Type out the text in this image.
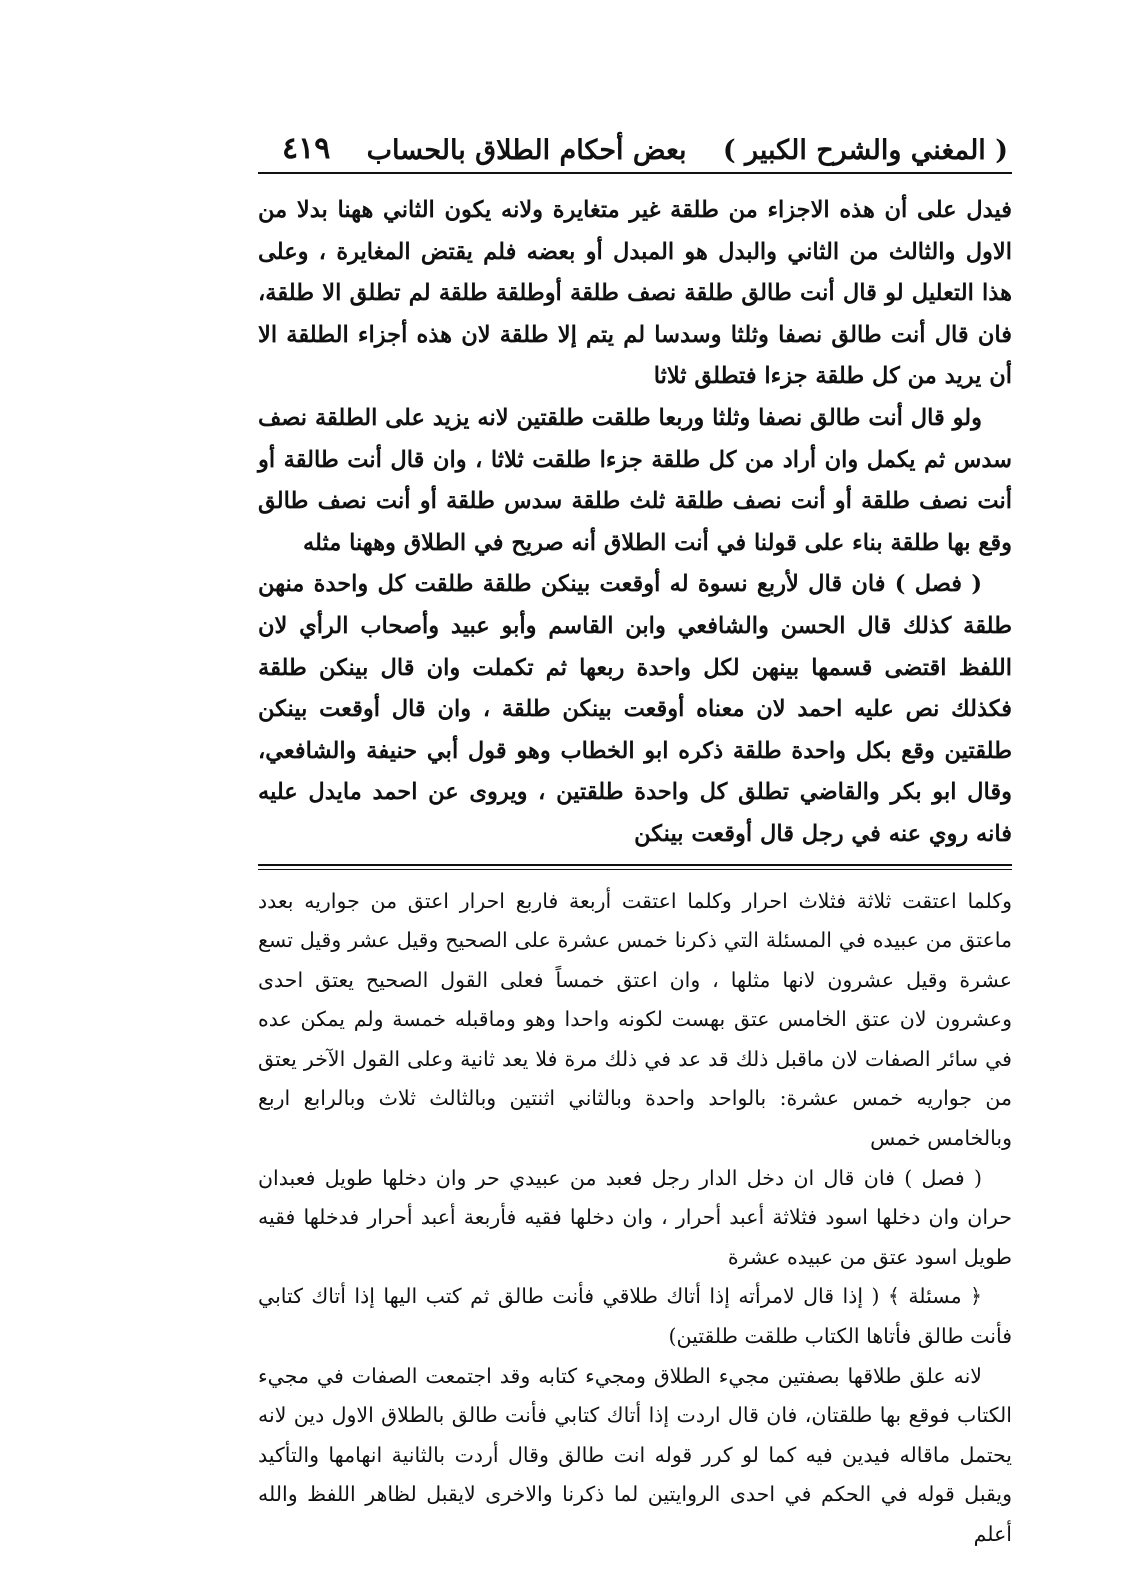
( المغني والشرح الكبير )
بعض أحكام الطلاق بالحساب
٤١٩

فيدل على أن هذه الاجزاء من طلقة غير متغايرة ولانه يكون الثاني ههنا بدلا من الاول والثالث من الثاني والبدل هو المبدل أو بعضه فلم يقتض المغايرة ، وعلى هذا التعليل لو قال أنت طالق طلقة نصف طلقة أوطلقة طلقة لم تطلق الا طلقة، فان قال أنت طالق نصفا وثلثا وسدسا لم يتم إلا طلقة لان هذه أجزاء الطلقة الا أن يريد من كل طلقة جزءا فتطلق ثلاثا

ولو قال أنت طالق نصفا وثلثا وربعا طلقت طلقتين لانه يزيد على الطلقة نصف سدس ثم يكمل وان أراد من كل طلقة جزءا طلقت ثلاثا ، وان قال أنت طالقة أو أنت نصف طلقة أو أنت نصف طلقة ثلث طلقة سدس طلقة أو أنت نصف طالق وقع بها طلقة بناء على قولنا في أنت الطلاق أنه صريح في الطلاق وههنا مثله

( فصل ) فان قال لأربع نسوة له أوقعت بينكن طلقة طلقت كل واحدة منهن طلقة كذلك قال الحسن والشافعي وابن القاسم وأبو عبيد وأصحاب الرأي لان اللفظ اقتضى قسمها بينهن لكل واحدة ربعها ثم تكملت وان قال بينكن طلقة فكذلك نص عليه احمد لان معناه أوقعت بينكن طلقة ، وان قال أوقعت بينكن طلقتين وقع بكل واحدة طلقة ذكره ابو الخطاب وهو قول أبي حنيفة والشافعي، وقال ابو بكر والقاضي تطلق كل واحدة طلقتين ، ويروى عن احمد مايدل عليه فانه روي عنه في رجل قال أوقعت بينكن

وكلما اعتقت ثلاثة فثلاث احرار وكلما اعتقت أربعة فاربع احرار اعتق من جواريه بعدد ماعتق من عبيده في المسئلة التي ذكرنا خمس عشرة على الصحيح وقيل عشر وقيل تسع عشرة وقيل عشرون لانها مثلها ، وان اعتق خمساً فعلى القول الصحيح يعتق احدى وعشرون لان عتق الخامس عتق بهست لكونه واحدا وهو وماقبله خمسة ولم يمكن عده في سائر الصفات لان ماقبل ذلك قد عد في ذلك مرة فلا يعد ثانية وعلى القول الآخر يعتق من جواريه خمس عشرة: بالواحد واحدة وبالثاني اثنتين وبالثالث ثلاث وبالرابع اربع وبالخامس خمس

( فصل ) فان قال ان دخل الدار رجل فعبد من عبيدي حر وان دخلها طويل فعبدان حران وان دخلها اسود فثلاثة أعبد أحرار ، وان دخلها فقيه فأربعة أعبد أحرار فدخلها فقيه طويل اسود عتق من عبيده عشرة

﴿ مسئلة ﴾ ( إذا قال لامرأته إذا أتاك طلاقي فأنت طالق ثم كتب اليها إذا أتاك كتابي فأنت طالق فأتاها الكتاب طلقت طلقتين)

لانه علق طلاقها بصفتين مجيء الطلاق ومجيء كتابه وقد اجتمعت الصفات في مجيء الكتاب فوقع بها طلقتان، فان قال اردت إذا أتاك كتابي فأنت طالق بالطلاق الاول دين لانه يحتمل ماقاله فيدين فيه كما لو كرر قوله انت طالق وقال أردت بالثانية انهامها والتأكيد ويقبل قوله في الحكم في احدى الروايتين لما ذكرنا والاخرى لايقبل لظاهر اللفظ والله أعلم
